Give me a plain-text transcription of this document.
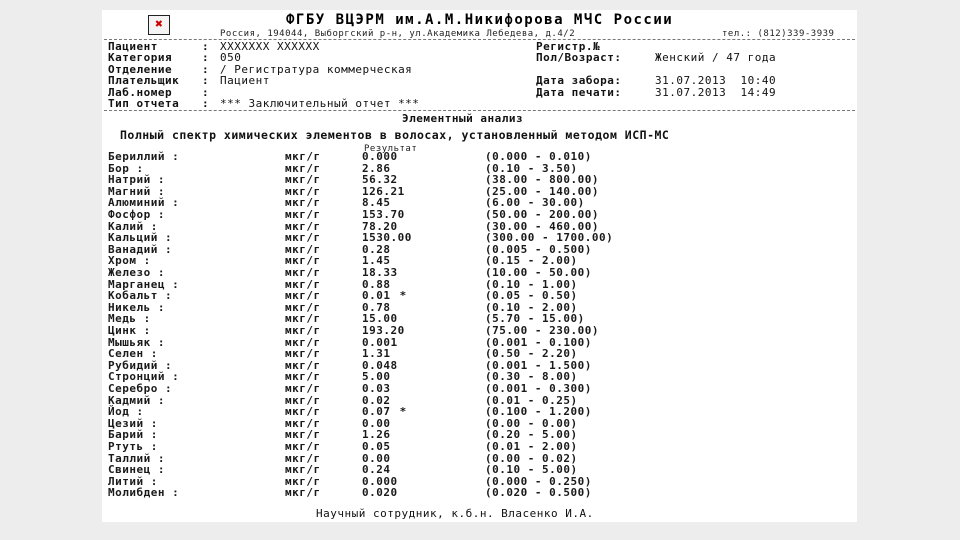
✖	ФГБУ ВЦЭРМ им.А.М.Никифорова МЧС России
Россия, 194044, Выборгский р-н, ул.Академика Лебедева, д.4/2	тел.: (812)339-3939
Пациент	: XXXXXXX XXXXXX
Категория	: 050
Отделение	: / Регистратура коммерческая
Плательщик : Пациент
Лаб.номер	:
Тип отчета : *** Заключительный отчет ***
Регистр.№
Пол/Возраст:	Женский / 47 года
Дата забора:	31.07.2013  10:40
Дата печати:	31.07.2013  14:49
Элементный анализ
Полный спектр химических элементов в волосах, установленный методом ИСП-МС
Результат
Бериллий :	мкг/г	0.000	(0.000 - 0.010)
Бор :	мкг/г	2.86	(0.10 - 3.50)
Натрий :	мкг/г	56.32	(38.00 - 800.00)
Магний :	мкг/г	126.21	(25.00 - 140.00)
Алюминий :	мкг/г	8.45	(6.00 - 30.00)
Фосфор :	мкг/г	153.70	(50.00 - 200.00)
Калий :	мкг/г	78.20	(30.00 - 460.00)
Кальций :	мкг/г	1530.00	(300.00 - 1700.00)
Ванадий :	мкг/г	0.28	(0.005 - 0.500)
Хром :	мкг/г	1.45	(0.15 - 2.00)
Железо :	мкг/г	18.33	(10.00 - 50.00)
Марганец :	мкг/г	0.88	(0.10 - 1.00)
Кобальт :	мкг/г	0.01 *	(0.05 - 0.50)
Никель :	мкг/г	0.78	(0.10 - 2.00)
Медь :	мкг/г	15.00	(5.70 - 15.00)
Цинк :	мкг/г	193.20	(75.00 - 230.00)
Мышьяк :	мкг/г	0.001	(0.001 - 0.100)
Селен :	мкг/г	1.31	(0.50 - 2.20)
Рубидий :	мкг/г	0.048	(0.001 - 1.500)
Стронций :	мкг/г	5.00	(0.30 - 8.00)
Серебро :	мкг/г	0.03	(0.001 - 0.300)
Кадмий :	мкг/г	0.02	(0.01 - 0.25)
Йод :	мкг/г	0.07 *	(0.100 - 1.200)
Цезий :	мкг/г	0.00	(0.00 - 0.00)
Барий :	мкг/г	1.26	(0.20 - 5.00)
Ртуть :	мкг/г	0.05	(0.01 - 2.00)
Таллий :	мкг/г	0.00	(0.00 - 0.02)
Свинец :	мкг/г	0.24	(0.10 - 5.00)
Литий :	мкг/г	0.000	(0.000 - 0.250)
Молибден :	мкг/г	0.020	(0.020 - 0.500)
Научный сотрудник, к.б.н. Власенко И.А.
